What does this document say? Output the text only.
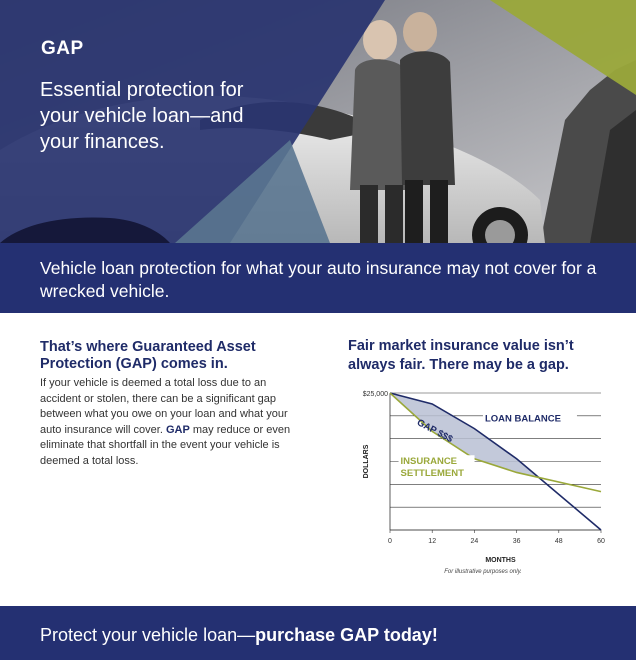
GAP

Essential protection for your vehicle loan—and your finances.

Vehicle loan protection for what your auto insurance may not cover for a wrecked vehicle.

That’s where Guaranteed Asset Protection (GAP) comes in.

If your vehicle is deemed a total loss due to an accident or stolen, there can be a significant gap between what you owe on your loan and what your auto insurance will cover. GAP may reduce or even eliminate that shortfall in the event your vehicle is deemed a total loss.

Fair market insurance value isn’t always fair. There may be a gap.
0	12	24	36	48	60
$25,000
MONTHS
DOLLARS
GAP $$$	LOAN BALANCE
INSURANCE
SETTLEMENT
For illustrative purposes only.

Protect your vehicle loan—purchase GAP today!
